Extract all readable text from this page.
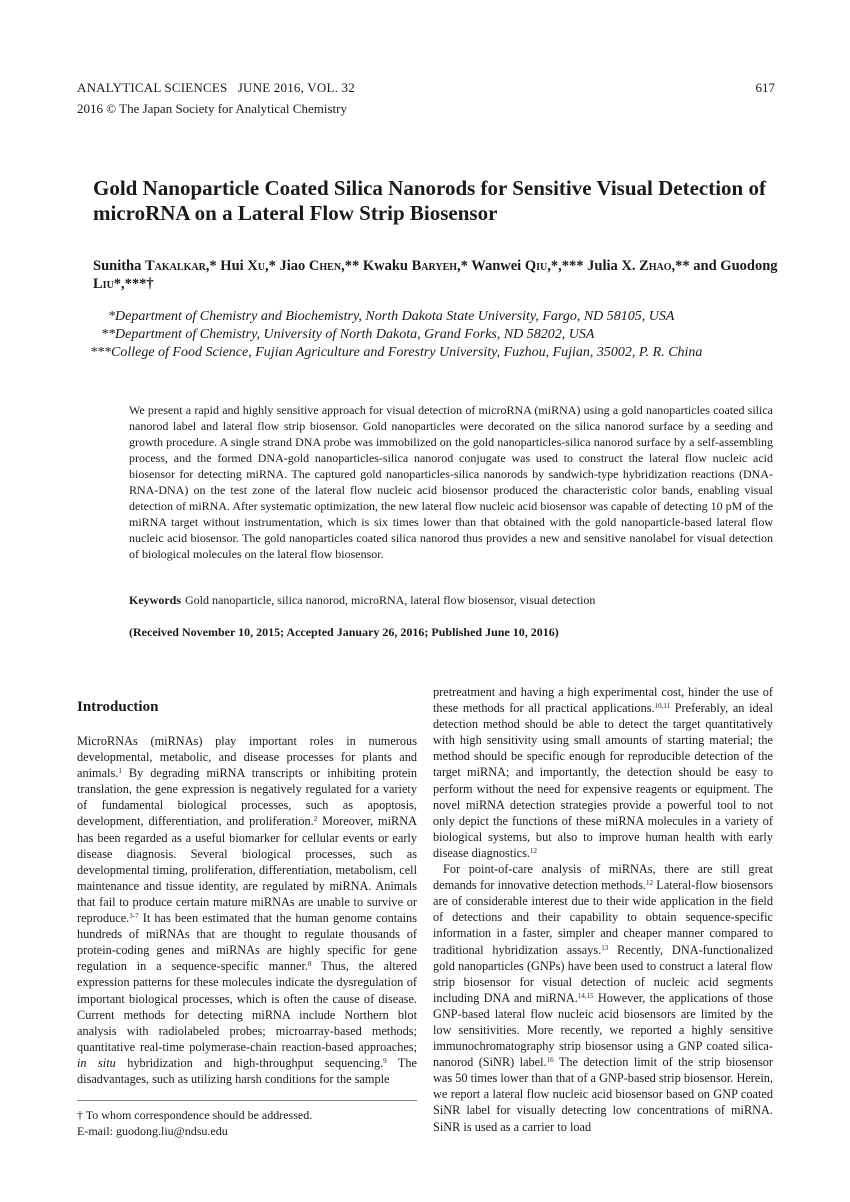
ANALYTICAL SCIENCES   JUNE 2016, VOL. 32
2016 © The Japan Society for Analytical Chemistry
617
Gold Nanoparticle Coated Silica Nanorods for Sensitive Visual Detection of microRNA on a Lateral Flow Strip Biosensor
Sunitha Takalkar,* Hui Xu,* Jiao Chen,** Kwaku Baryeh,* Wanwei Qiu,*,*** Julia X. Zhao,** and Guodong Liu*,***†
*Department of Chemistry and Biochemistry, North Dakota State University, Fargo, ND 58105, USA
**Department of Chemistry, University of North Dakota, Grand Forks, ND 58202, USA
***College of Food Science, Fujian Agriculture and Forestry University, Fuzhou, Fujian, 35002, P. R. China
We present a rapid and highly sensitive approach for visual detection of microRNA (miRNA) using a gold nanoparticles coated silica nanorod label and lateral flow strip biosensor. Gold nanoparticles were decorated on the silica nanorod surface by a seeding and growth procedure. A single strand DNA probe was immobilized on the gold nanoparticles-silica nanorod surface by a self-assembling process, and the formed DNA-gold nanoparticles-silica nanorod conjugate was used to construct the lateral flow nucleic acid biosensor for detecting miRNA. The captured gold nanoparticles-silica nanorods by sandwich-type hybridization reactions (DNA-RNA-DNA) on the test zone of the lateral flow nucleic acid biosensor produced the characteristic color bands, enabling visual detection of miRNA. After systematic optimization, the new lateral flow nucleic acid biosensor was capable of detecting 10 pM of the miRNA target without instrumentation, which is six times lower than that obtained with the gold nanoparticle-based lateral flow nucleic acid biosensor. The gold nanoparticles coated silica nanorod thus provides a new and sensitive nanolabel for visual detection of biological molecules on the lateral flow biosensor.
Keywords Gold nanoparticle, silica nanorod, microRNA, lateral flow biosensor, visual detection
(Received November 10, 2015; Accepted January 26, 2016; Published June 10, 2016)
Introduction

MicroRNAs (miRNAs) play important roles in numerous developmental, metabolic, and disease processes for plants and animals.$^1$ By degrading miRNA transcripts or inhibiting protein translation, the gene expression is negatively regulated for a variety of fundamental biological processes, such as apoptosis, development, differentiation, and proliferation.$^2$ Moreover, miRNA has been regarded as a useful biomarker for cellular events or early disease diagnosis. Several biological processes, such as developmental timing, proliferation, differentiation, metabolism, cell maintenance and tissue identity, are regulated by miRNA. Animals that fail to produce certain mature miRNAs are unable to survive or reproduce.$^{3-7}$ It has been estimated that the human genome contains hundreds of miRNAs that are thought to regulate thousands of protein-coding genes and miRNAs are highly specific for gene regulation in a sequence-specific manner.$^8$ Thus, the altered expression patterns for these molecules indicate the dysregulation of important biological processes, which is often the cause of disease. Current methods for detecting miRNA include Northern blot analysis with radiolabeled probes; microarray-based methods; quantitative real-time polymerase-chain reaction-based approaches; in situ hybridization and high-throughput sequencing.$^9$ The disadvantages, such as utilizing harsh conditions for the sample

pretreatment and having a high experimental cost, hinder the use of these methods for all practical applications.$^{10,11}$ Preferably, an ideal detection method should be able to detect the target quantitatively with high sensitivity using small amounts of starting material; the method should be specific enough for reproducible detection of the target miRNA; and importantly, the detection should be easy to perform without the need for expensive reagents or equipment. The novel miRNA detection strategies provide a powerful tool to not only depict the functions of these miRNA molecules in a variety of biological systems, but also to improve human health with early disease diagnostics.$^{12}$

For point-of-care analysis of miRNAs, there are still great demands for innovative detection methods.$^{12}$ Lateral-flow biosensors are of considerable interest due to their wide application in the field of detections and their capability to obtain sequence-specific information in a faster, simpler and cheaper manner compared to traditional hybridization assays.$^{13}$ Recently, DNA-functionalized gold nanoparticles (GNPs) have been used to construct a lateral flow strip biosensor for visual detection of nucleic acid segments including DNA and miRNA.$^{14,15}$ However, the applications of those GNP-based lateral flow nucleic acid biosensors are limited by the low sensitivities. More recently, we reported a highly sensitive immunochromatography strip biosensor using a GNP coated silica-nanorod (SiNR) label.$^{16}$ The detection limit of the strip biosensor was 50 times lower than that of a GNP-based strip biosensor. Herein, we report a lateral flow nucleic acid biosensor based on GNP coated SiNR label for visually detecting low concentrations of miRNA. SiNR is used as a carrier to load

† To whom correspondence should be addressed.
E-mail: guodong.liu@ndsu.edu
